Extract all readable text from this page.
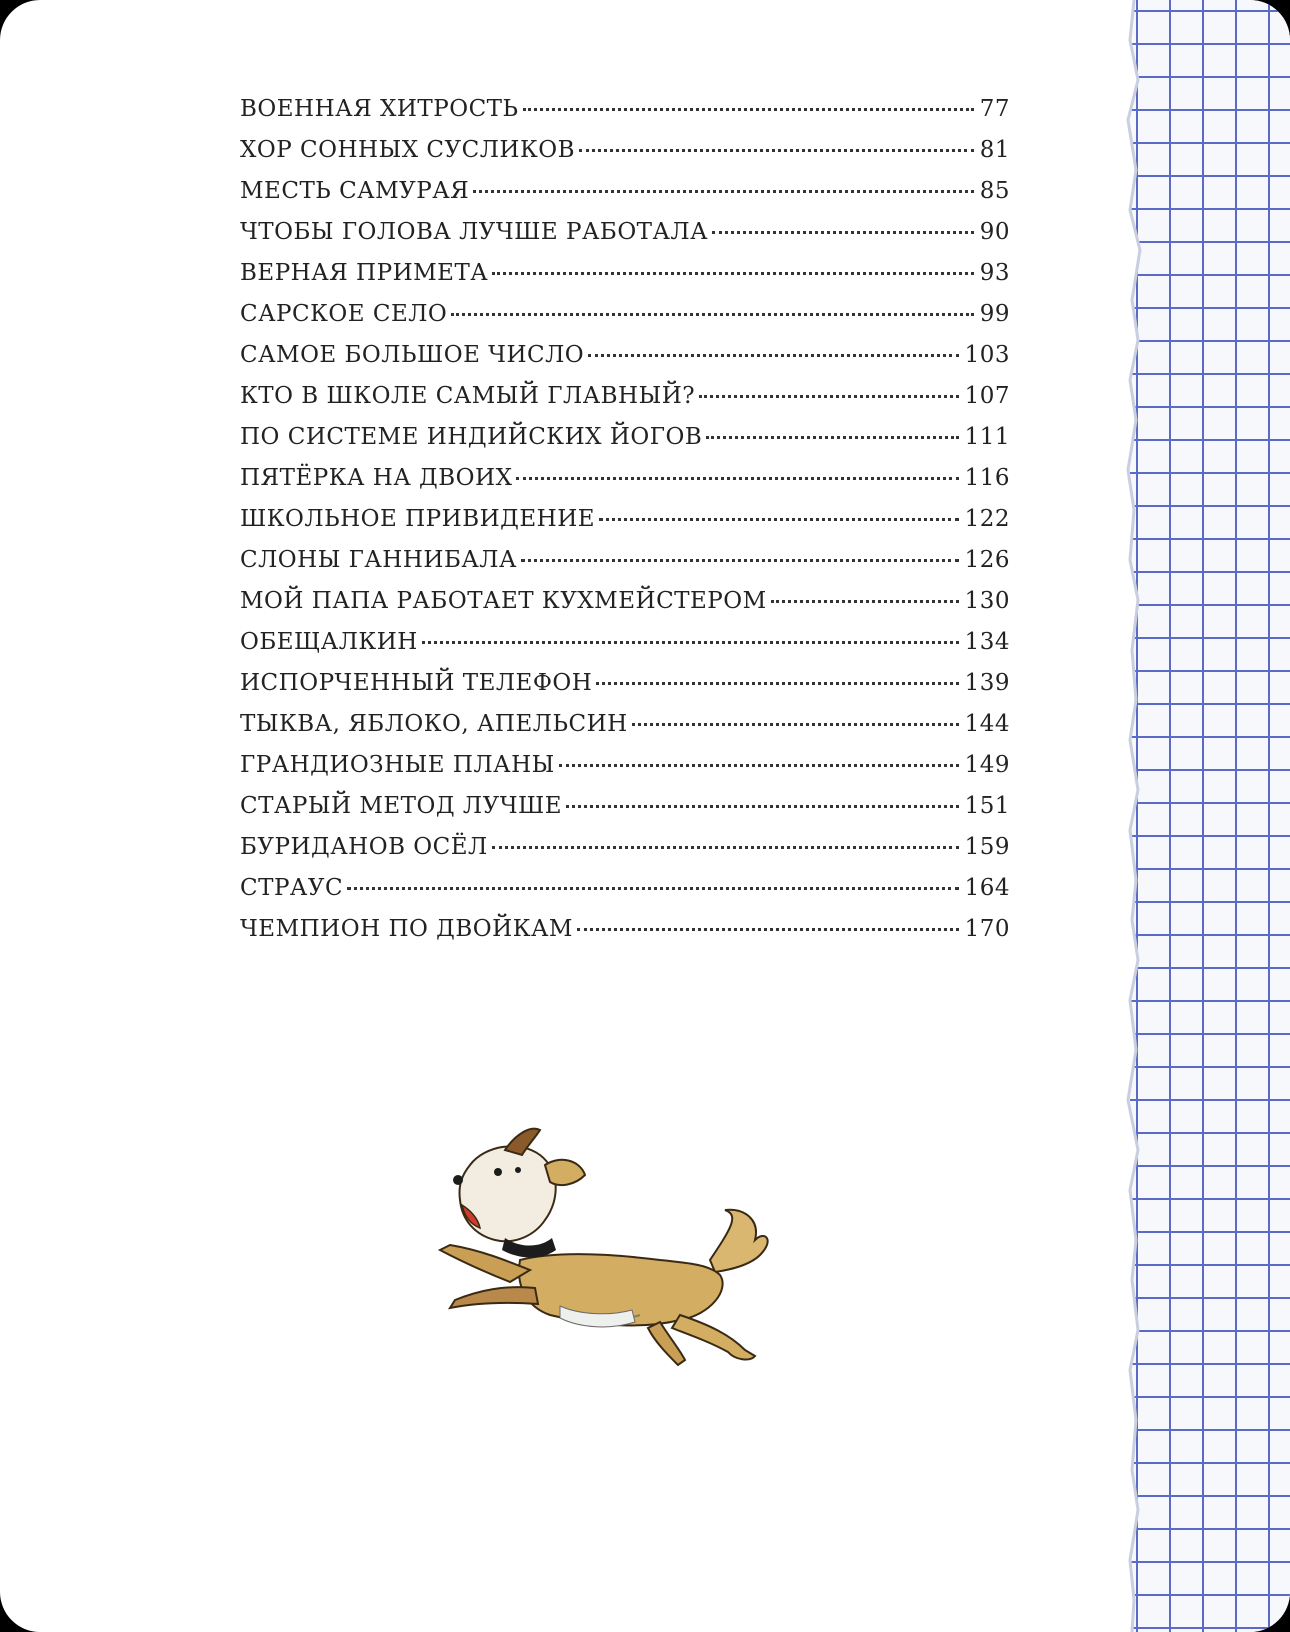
ВОЕННАЯ ХИТРОСТЬ	77
ХОР СОННЫХ СУСЛИКОВ	81
МЕСТЬ САМУРАЯ	85
ЧТОБЫ ГОЛОВА ЛУЧШЕ РАБОТАЛА	90
ВЕРНАЯ ПРИМЕТА	93
САРСКОЕ СЕЛО	99
САМОЕ БОЛЬШОЕ ЧИСЛО	103
КТО В ШКОЛЕ САМЫЙ ГЛАВНЫЙ?	107
ПО СИСТЕМЕ ИНДИЙСКИХ ЙОГОВ	111
ПЯТЁРКА НА ДВОИХ	116
ШКОЛЬНОЕ ПРИВИДЕНИЕ	122
СЛОНЫ ГАННИБАЛА	126
МОЙ ПАПА РАБОТАЕТ КУХМЕЙСТЕРОМ	130
ОБЕЩАЛКИН	134
ИСПОРЧЕННЫЙ ТЕЛЕФОН	139
ТЫКВА, ЯБЛОКО, АПЕЛЬСИН	144
ГРАНДИОЗНЫЕ ПЛАНЫ	149
СТАРЫЙ МЕТОД ЛУЧШЕ	151
БУРИДАНОВ ОСЁЛ	159
СТРАУС	164
ЧЕМПИОН ПО ДВОЙКАМ	170
